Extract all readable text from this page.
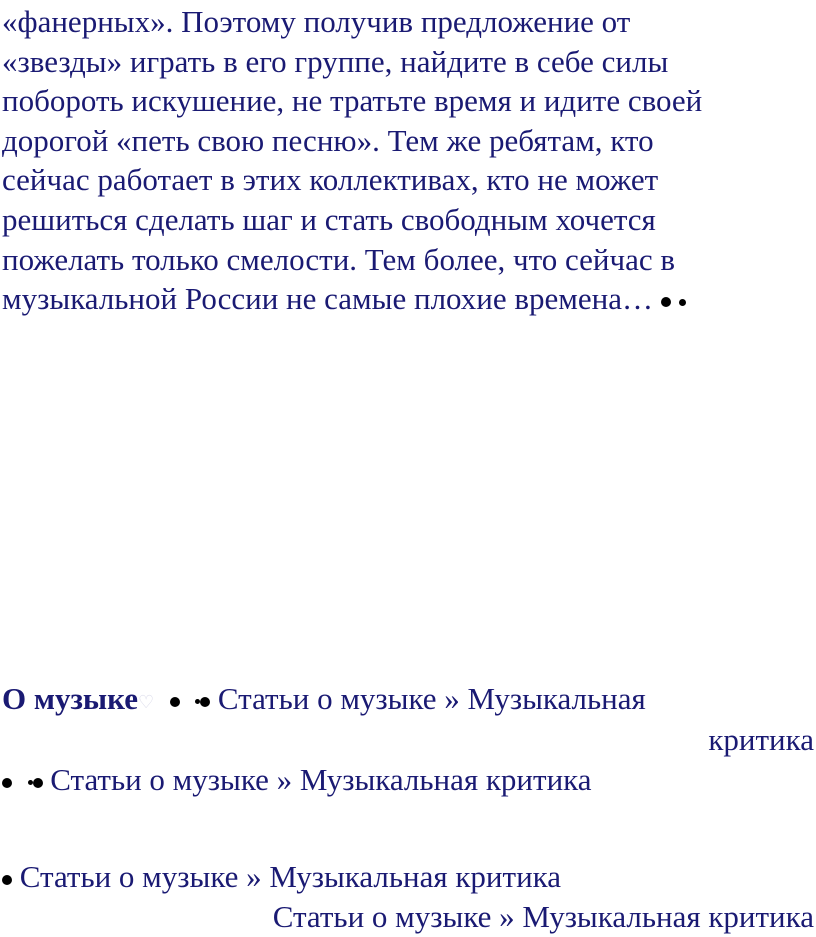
«фанерных». Поэтому получив предложение от
«звезды» играть в его группе, найдите в себе силы
побороть искушение, не тратьте время и идите своей
дорогой «петь свою песню». Тем же ребятам, кто
сейчас работает в этих коллективах, кто не может
решиться сделать шаг и стать свободным хочется
пожелать только смелости. Тем более, что сейчас в
музыкальной России не самые плохие времена…
О музыке♡ Статьи о музыке » Музыкальная
критика
Статьи о музыке » Музыкальная критика
Статьи о музыке » Музыкальная критика
Статьи о музыке » Музыкальная критика
